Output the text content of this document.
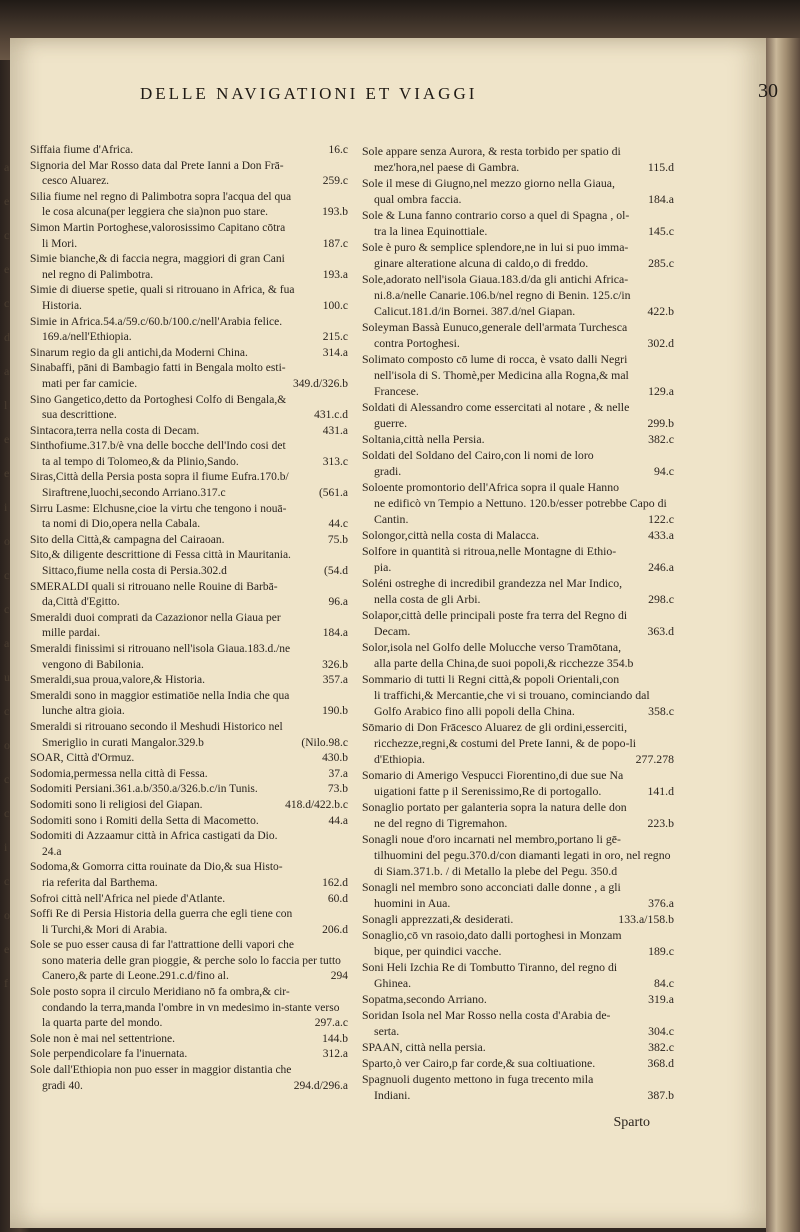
DELLE NAVIGATIONI ET VIAGGI	30
a
e
c
e
c
d
a
l
e
e
i
o
c
c
a
u
c
o
c
c
i
c
o
e
f
Siffaia fiume d'Africa.	16.c
Signoria del Mar Rosso data dal Prete Ianni a Don Frā-
cesco Aluarez.	259.c
Silia fiume nel regno di Palimbotra sopra l'acqua del qua
le cosa alcuna(per leggiera che sia)non puo stare.	193.b
Simon Martin Portoghese,valorosissimo Capitano cōtra
li Mori.	187.c
Simie bianche,& di faccia negra, maggiori di gran Cani
nel regno di Palimbotra.	193.a
Simie di diuerse spetie, quali si ritrouano in Africa, & fua
Historia.	100.c
Simie in Africa.54.a/59.c/60.b/100.c/nell'Arabia felice.
169.a/nell'Ethiopia.	215.c
Sinarum regio da gli antichi,da Moderni China.	314.a
Sinabaffi, pāni di Bambagio fatti in Bengala molto esti-
mati per far camicie.	349.d/326.b
Sino Gangetico,detto da Portoghesi Colfo di Bengala,&
sua descrittione.	431.c.d
Sintacora,terra nella costa di Decam.	431.a
Sinthofiume.317.b/è vna delle bocche dell'Indo cosi det
ta al tempo di Tolomeo,& da Plinio,Sando.	313.c
Siras,Città della Persia posta sopra il fiume Eufra.170.b/
Siraftrene,luochi,secondo Arriano.317.c	(561.a
Sirru Lasme: Elchusne,cioe la virtu che tengono i nouā-
ta nomi di Dio,opera nella Cabala.	44.c
Sito della Città,& campagna del Cairaoan.	75.b
Sito,& diligente descrittione di Fessa città in Mauritania.
Sittaco,fiume nella costa di Persia.302.d	(54.d
SMERALDI quali si ritrouano nelle Rouine di Barbā-
da,Città d'Egitto.	96.a
Smeraldi duoi comprati da Cazazionor nella Giaua per
mille pardai.	184.a
Smeraldi finissimi si ritrouano nell'isola Giaua.183.d./ne
vengono di Babilonia.	326.b
Smeraldi,sua proua,valore,& Historia.	357.a
Smeraldi sono in maggior estimatiōe nella India che qua
lunche altra gioia.	190.b
Smeraldi si ritrouano secondo il Meshudi Historico nel
Smeriglio in curati Mangalor.329.b	(Nilo.98.c
SOAR, Città d'Ormuz.	430.b
Sodomia,permessa nella città di Fessa.	37.a
Sodomiti Persiani.361.a.b/350.a/326.b.c/in Tunis.	73.b
Sodomiti sono li religiosi del Giapan.	418.d/422.b.c
Sodomiti sono i Romiti della Setta di Macometto.	44.a
Sodomiti di Azzaamur città in Africa castigati da Dio.
24.a
Sodoma,& Gomorra citta rouinate da Dio,& sua Histo-
ria referita dal Barthema.	162.d
Sofroi città nell'Africa nel piede d'Atlante.	60.d
Soffi Re di Persia Historia della guerra che egli tiene con
li Turchi,& Mori di Arabia.	206.d
Sole se puo esser causa di far l'attrattione delli vapori che
sono materia delle gran pioggie, & perche solo lo faccia per tutto Canero,& parte di Leone.291.c.d/fino al.	294
Sole posto sopra il circulo Meridiano nō fa ombra,& cir-
condando la terra,manda l'ombre in vn medesimo in-stante verso la quarta parte del mondo.	297.a.c
Sole non è mai nel settentrione.	144.b
Sole perpendicolare fa l'inuernata.	312.a
Sole dall'Ethiopia non puo esser in maggior distantia che
gradi 40.	294.d/296.a
Sole appare senza Aurora, & resta torbido per spatio di
mez'hora,nel paese di Gambra.	115.d
Sole il mese di Giugno,nel mezzo giorno nella Giaua,
qual ombra faccia.	184.a
Sole & Luna fanno contrario corso a quel di Spagna , ol-
tra la linea Equinottiale.	145.c
Sole è puro & semplice splendore,ne in lui si puo imma-
ginare alteratione alcuna di caldo,o di freddo.	285.c
Sole,adorato nell'isola Giaua.183.d/da gli antichi Africa-
ni.8.a/nelle Canarie.106.b/nel regno di Benin. 125.c/in Calicut.181.d/in Bornei. 387.d/nel Giapan.	422.b
Soleyman Bassà Eunuco,generale dell'armata Turchesca
contra Portoghesi.	302.d
Solimato composto cō lume di rocca, è vsato dalli Negri
nell'isola di S. Thomè,per Medicina alla Rogna,& mal Francese.	129.a
Soldati di Alessandro come essercitati al notare , & nelle
guerre.	299.b
Soltania,città nella Persia.	382.c
Soldati del Soldano del Cairo,con li nomi de loro
gradi.	94.c
Soloente promontorio dell'Africa sopra il quale Hanno
ne edificò vn Tempio a Nettuno. 120.b/esser potrebbe Capo di Cantin.	122.c
Solongor,città nella costa di Malacca.	433.a
Solfore in quantità si ritroua,nelle Montagne di Ethio-
pia.	246.a
Soléni ostreghe di incredibil grandezza nel Mar Indico,
nella costa de gli Arbi.	298.c
Solapor,città delle principali poste fra terra del Regno di
Decam.	363.d
Solor,isola nel Golfo delle Molucche verso Tramōtana,
alla parte della China,de suoi popoli,& ricchezze 354.b
Sommario di tutti li Regni città,& popoli Orientali,con
li traffichi,& Mercantie,che vi si trouano, cominciando dal Golfo Arabico fino alli popoli della China.	358.c
Sōmario di Don Frācesco Aluarez de gli ordini,esserciti,
ricchezze,regni,& costumi del Prete Ianni, & de popo-li d'Ethiopia.	277.278
Somario di Amerigo Vespucci Fiorentino,di due sue Na
uigationi fatte p il Serenissimo,Re di portogallo.	141.d
Sonaglio portato per galanteria sopra la natura delle don
ne del regno di Tigremahon.	223.b
Sonagli noue d'oro incarnati nel membro,portano li gē-
tilhuomini del pegu.370.d/con diamanti legati in oro, nel regno di Siam.371.b. / di Metallo la plebe del Pegu. 350.d
Sonagli nel membro sono acconciati dalle donne , a gli
huomini in Aua.	376.a
Sonagli apprezzati,& desiderati.	133.a/158.b
Sonaglio,cō vn rasoio,dato dalli portoghesi in Monzam
bique, per quindici vacche.	189.c
Soni Heli Izchia Re di Tombutto Tiranno, del regno di
Ghinea.	84.c
Sopatma,secondo Arriano.	319.a
Soridan Isola nel Mar Rosso nella costa d'Arabia de-
serta.	304.c
SPAAN, città nella persia.	382.c
Sparto,ò ver Cairo,p far corde,& sua coltiuatione.	368.d
Spagnuoli dugento mettono in fuga trecento mila
Indiani.	387.b
Sparto
